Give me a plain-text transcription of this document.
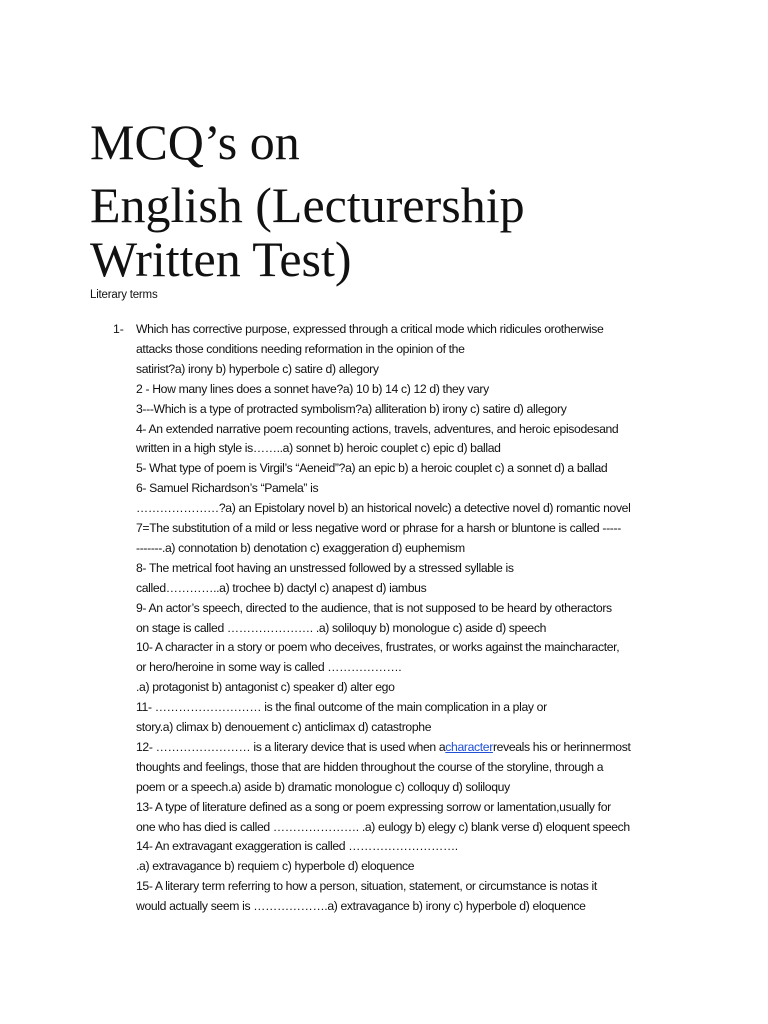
MCQ’s on
English (Lecturership
Written Test)
Literary terms
1- Which has corrective purpose, expressed through a critical mode which ridicules orotherwise
attacks those conditions needing reformation in the opinion of the
satirist?a) irony b) hyperbole c) satire d) allegory
2 - How many lines does a sonnet have?a) 10 b) 14 c) 12 d) they vary
3---Which is a type of protracted symbolism?a) alliteration b) irony c) satire d) allegory
4- An extended narrative poem recounting actions, travels, adventures, and heroic episodesand
written in a high style is……..a) sonnet b) heroic couplet c) epic d) ballad
5- What type of poem is Virgil’s “Aeneid”?a) an epic b) a heroic couplet c) a sonnet d) a ballad
6- Samuel Richardson’s “Pamela” is
…………………?a) an Epistolary novel b) an historical novelc) a detective novel d) romantic novel
7=The substitution of a mild or less negative word or phrase for a harsh or bluntone is called -----
-------.a) connotation b) denotation c) exaggeration d) euphemism
8- The metrical foot having an unstressed followed by a stressed syllable is
called…………..a) trochee b) dactyl c) anapest d) iambus
9- An actor’s speech, directed to the audience, that is not supposed to be heard by otheractors
on stage is called …………………. .a) soliloquy b) monologue c) aside d) speech
10- A character in a story or poem who deceives, frustrates, or works against the maincharacter,
or hero/heroine in some way is called ……………….
.a) protagonist b) antagonist c) speaker d) alter ego
11- ……………………… is the final outcome of the main complication in a play or
story.a) climax b) denouement c) anticlimax d) catastrophe
12- …………………… is a literary device that is used when acharacterreveals his or herinnermost
thoughts and feelings, those that are hidden throughout the course of the storyline, through a
poem or a speech.a) aside b) dramatic monologue c) colloquy d) soliloquy
13- A type of literature defined as a song or poem expressing sorrow or lamentation,usually for
one who has died is called …………………. .a) eulogy b) elegy c) blank verse d) eloquent speech
14- An extravagant exaggeration is called ……………………….
.a) extravagance b) requiem c) hyperbole d) eloquence
15- A literary term referring to how a person, situation, statement, or circumstance is notas it
would actually seem is ……………….a) extravagance b) irony c) hyperbole d) eloquence
